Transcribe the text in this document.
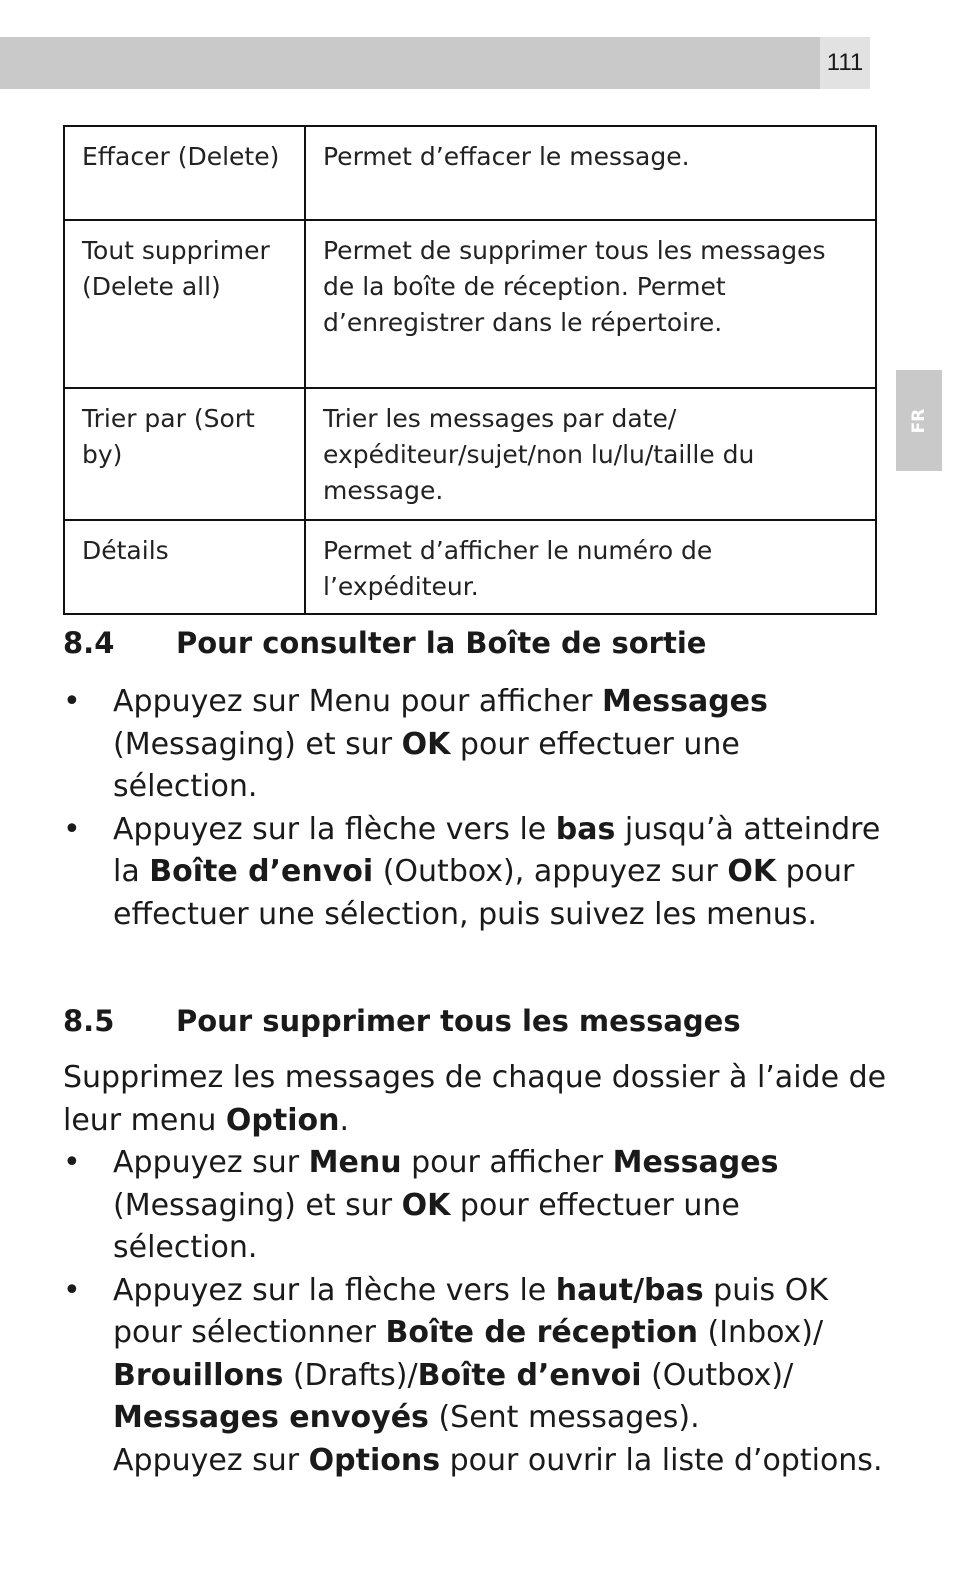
111
FR
Effacer (Delete)	Permet d’effacer le message.
Tout supprimer (Delete all)	Permet de supprimer tous les messages de la boîte de réception. Permet d’enregistrer dans le répertoire.
Trier par (Sort by)	Trier les messages par date/ expéditeur/sujet/non lu/lu/taille du message.
Détails	Permet d’afficher le numéro de l’expéditeur.
8.4 Pour consulter la Boîte de sortie
• Appuyez sur Menu pour afficher Messages (Messaging) et sur OK pour effectuer une sélection.
• Appuyez sur la flèche vers le bas jusqu’à atteindre la Boîte d’envoi (Outbox), appuyez sur OK pour effectuer une sélection, puis suivez les menus.
8.5 Pour supprimer tous les messages

Supprimez les messages de chaque dossier à l’aide de leur menu Option.

• Appuyez sur Menu pour afficher Messages (Messaging) et sur OK pour effectuer une sélection.
• Appuyez sur la flèche vers le haut/bas puis OK pour sélectionner Boîte de réception (Inbox)/ Brouillons (Drafts)/Boîte d’envoi (Outbox)/ Messages envoyés (Sent messages).
Appuyez sur Options pour ouvrir la liste d’options.
